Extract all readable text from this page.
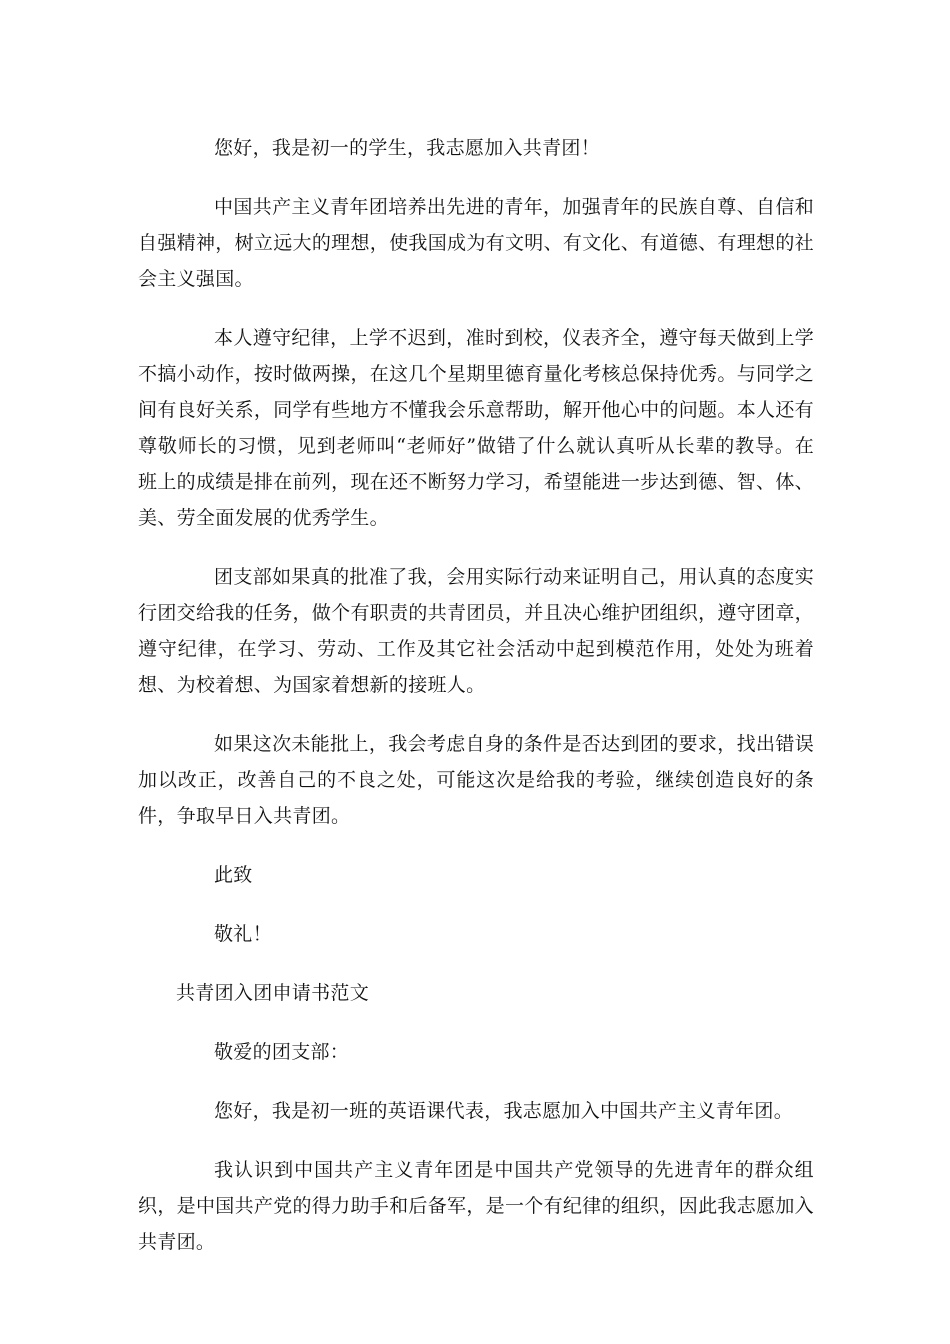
您好，我是初一的学生，我志愿加入共青团！

中国共产主义青年团培养出先进的青年，加强青年的民族自尊、自信和自强精神，树立远大的理想，使我国成为有文明、有文化、有道德、有理想的社会主义强国。

本人遵守纪律，上学不迟到，准时到校，仪表齐全，遵守每天做到上学不搞小动作，按时做两操，在这几个星期里德育量化考核总保持优秀。与同学之间有良好关系，同学有些地方不懂我会乐意帮助，解开他心中的问题。本人还有尊敬师长的习惯，见到老师叫“老师好”做错了什么就认真听从长辈的教导。在班上的成绩是排在前列，现在还不断努力学习，希望能进一步达到德、智、体、美、劳全面发展的优秀学生。

团支部如果真的批准了我，会用实际行动来证明自己，用认真的态度实行团交给我的任务，做个有职责的共青团员，并且决心维护团组织，遵守团章，遵守纪律，在学习、劳动、工作及其它社会活动中起到模范作用，处处为班着想、为校着想、为国家着想新的接班人。

如果这次未能批上，我会考虑自身的条件是否达到团的要求，找出错误加以改正，改善自己的不良之处，可能这次是给我的考验，继续创造良好的条件，争取早日入共青团。

此致

敬礼！

共青团入团申请书范文

敬爱的团支部：

您好，我是初一班的英语课代表，我志愿加入中国共产主义青年团。

我认识到中国共产主义青年团是中国共产党领导的先进青年的群众组织，是中国共产党的得力助手和后备军，是一个有纪律的组织，因此我志愿加入共青团。
